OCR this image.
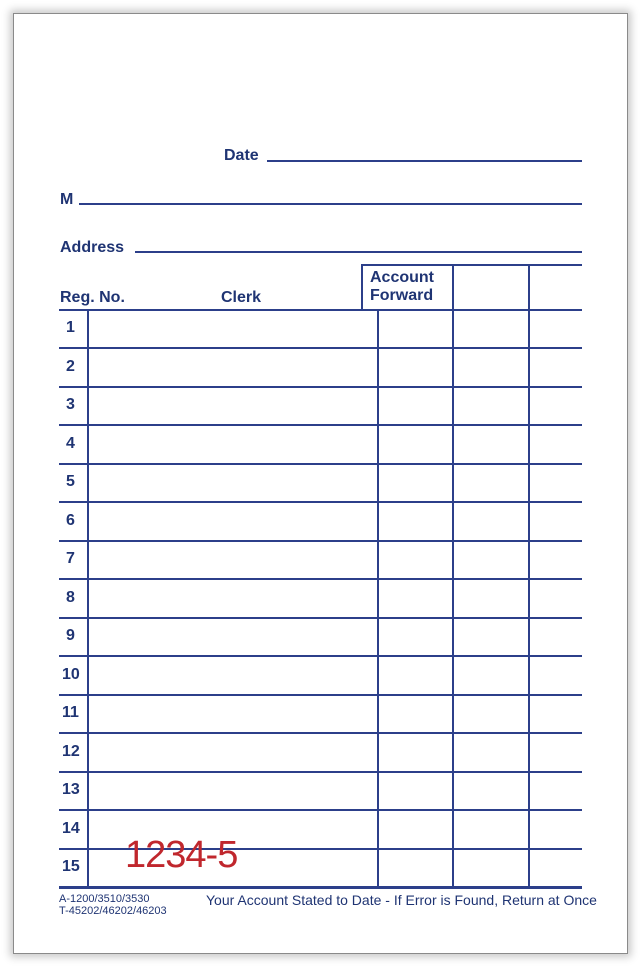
Date
M
Address
Account
Forward
Reg. No.	Clerk
1
2
3
4
5
6
7
8
9
10
11
12
13
14
15 1234-5
A-1200/3510/3530
T-45202/46202/46203
Your Account Stated to Date - If Error is Found, Return at Once
